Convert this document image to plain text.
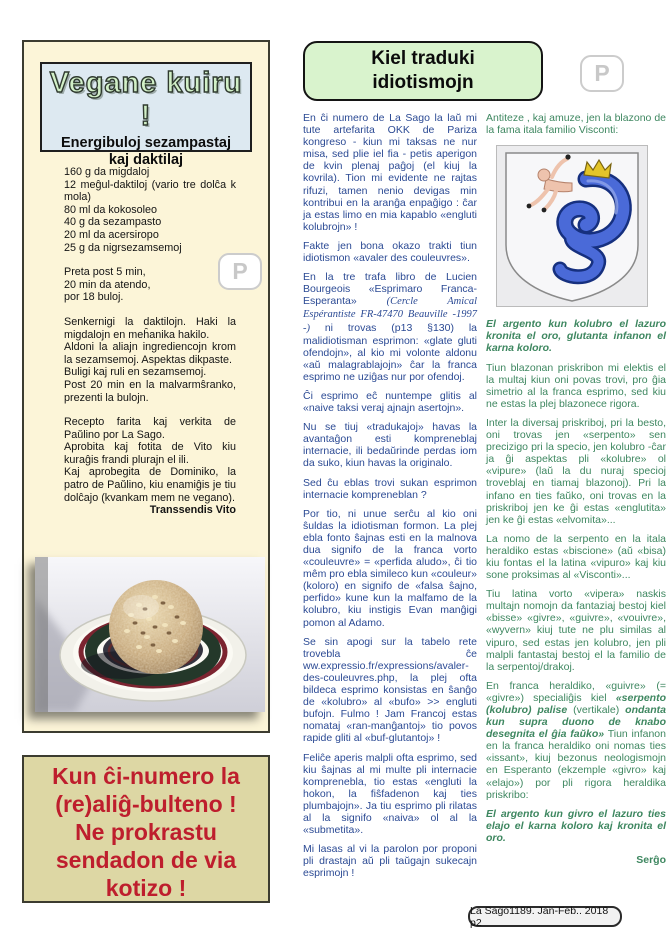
Vegane kuiru !
Energibuloj sezampastaj kaj daktilaj
P
160 g da migdaloj
12 meĝul-daktiloj (vario tre dolĉa k mola)
80 ml da kokosoleo
40 g da sezampasto
20 ml da acersiropo
25 g da nigrsezamsemoj
Preta post 5 min,
20 min da atendo,
por 18 buloj.
Senkernigi la daktilojn. Haki la migdalojn en meĥanika hakilo.
Aldoni la aliajn ingrediencojn krom la sezamsemoj. Aspektas dikpaste.
Buligi kaj ruli en sezamsemoj.
Post 20 min en la malvarmŝranko, prezenti la bulojn.
Recepto farita kaj verkita de Paŭlino por La Sago.
Aprobita kaj fotita de Vito kiu kuraĝis frandi plurajn el ili.
Kaj aprobegita de Dominiko, la patro de Paŭlino, kiu enamiĝis je tiu dolĉajo (kvankam mem ne vegano).
Transsendis Vito
Kun ĉi-numero la
(re)aliĝ-bulteno !
Ne prokrastu
sendadon de via
kotizo !
Kiel traduki
idiotismojn	P

En ĉi numero de La Sago la laŭ mi tute artefarita OKK de Pariza kongreso - kiun mi taksas ne nur misa, sed plie iel fia - petis aperigon de kvin plenaj paĝoj (el kiuj la kovrila). Tion mi evidente ne rajtas rifuzi, tamen nenio devigas min kontribui en la aranĝa enpaĝigo : ĉar ja estas limo en mia kapablo «engluti kolubrojn» !

Fakte jen bona okazo trakti tiun idiotismon «avaler des couleuvres».

En la tre trafa libro de Lucien Bourgeois «Esprimaro Franca-Esperanta» (Cercle Amical Espérantiste FR-47470 Beauville -1997 -) ni trovas (p13 §130) la malidiotisman esprimon: «glate gluti ofendojn», al kio mi volonte aldonu «aŭ malagrablajojn» ĉar la franca esprimo ne uziĝas nur por ofendoj.

Ĉi esprimo eĉ nuntempe glitis al «naive taksi veraj ajnajn asertojn».

Nu se tiuj «tradukajoj» havas la avantaĝon esti kompreneblaj internacie, ili bedaŭrinde perdas iom da suko, kiun havas la originalo.

Sed ĉu eblas trovi sukan esprimon internacie kompreneblan ?

Por tio, ni unue serĉu al kio oni ŝuldas la idiotisman formon. La plej ebla fonto ŝajnas esti en la malnova dua signifo de la franca vorto «couleuvre» = «perfida aludo», ĉi tio mêm pro ebla simileco kun «couleur» (koloro) en signifo de «falsa ŝajno, perfido» kune kun la malfamo de la kolubro, kiu instigis Evan manĝigi pomon al Adamo.

Se sin apogi sur la tabelo rete trovebla ĉe ww.expressio.fr/expressions/avaler-des-couleuvres.php, la plej ofta bildeca esprimo konsistas en ŝanĝo de «kolubro» al «bufo» >> engluti bufojn. Fulmo ! Jam Francoj estas nomataj «ran-manĝantoj» tio povos rapide gliti al «buf-glutantoj» !

Feliĉe aperis malpli ofta esprimo, sed kiu ŝajnas al mi multe pli internacie komprenebla, tio estas «engluti la hokon, la fiŝfadenon kaj ties plumbajojn». Ja tiu esprimo pli rilatas al la signifo «naiva» ol al la «submetita».

Mi lasas al vi la parolon por proponi pli drastajn aŭ pli taŭgajn sukecajn esprimojn !

Antiteze , kaj amuze, jen la blazono de la fama itala familio Visconti:

El argento kun kolubro el lazuro kronita el oro, glutanta infanon el karna koloro.

Tiun blazonan priskribon mi elektis el la multaj kiun oni povas trovi, pro ĝia simetrio al la franca esprimo, sed kiu ne estas la plej blazonece rigora.

Inter la diversaj priskriboj, pri la besto, oni trovas jen «serpento» sen precizigo pri la specio, jen kolubro -ĉar ja ĝi aspektas pli «kolubre» ol «vipure» (laŭ la du nuraj specioj troveblaj en tiamaj blazonoj). Pri la infano en ties faŭko, oni trovas en la priskriboj jen ke ĝi estas «englutita» jen ke ĝi estas «elvomita»...

La nomo de la serpento en la itala heraldiko estas «biscione» (aŭ «bisa) kiu fontas el la latina «vipuro» kaj kiu sone proksimas al «Visconti»...

Tiu latina vorto «vipera» naskis multajn nomojn da fantaziaj bestoj kiel «bisse» «givre», «guivre», «vouivre», «wyvern» kiuj tute ne plu similas al vipuro, sed estas jen kolubro, jen pli malpli fantastaj bestoj el la familio de la serpentoj/drakoj.

En franca heraldiko, «guivre» (= «givre») specialiĝis kiel «serpento (kolubro) palise (vertikale) ondanta kun supra duono de knabo desegnita el ĝia faŭko» Tiun infanon en la franca heraldiko oni nomas ties «issant», kiuj bezonus neologismojn en Esperanto (ekzemple «givro» kaj «elajo») por pli rigora heraldika priskribo:

El argento kun givro el lazuro ties elajo el karna koloro kaj kronita el oro.

Serĝo
La Sago1189. Jan-Feb.. 2018 p2
